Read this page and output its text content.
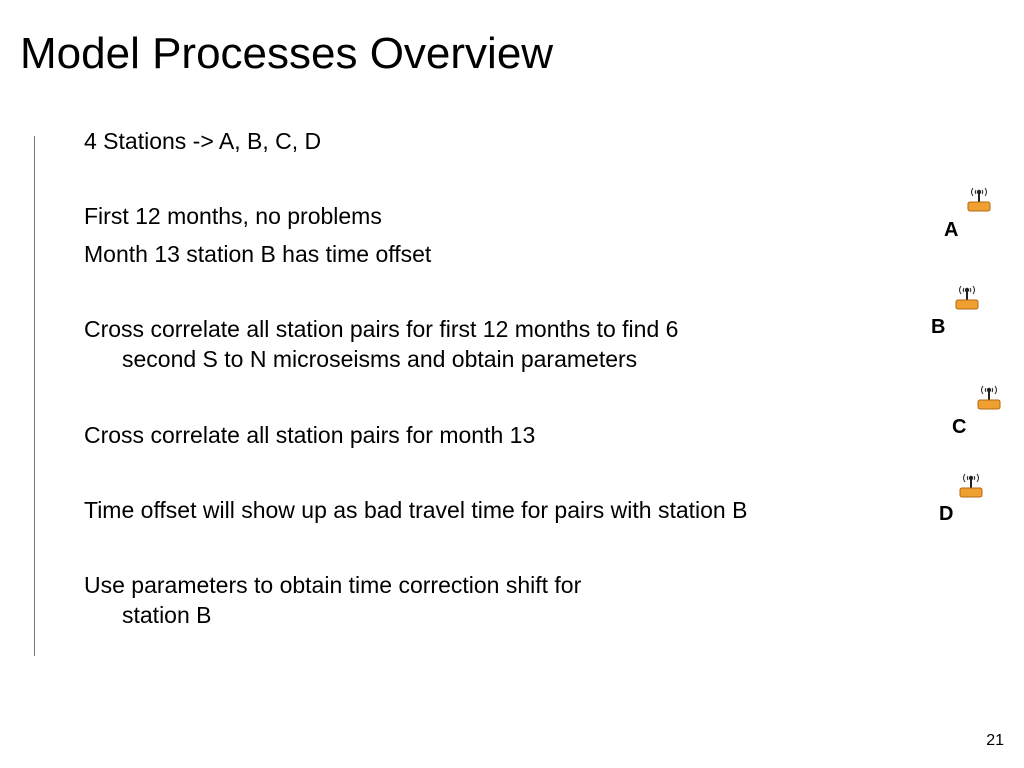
Model Processes Overview
4 Stations -> A, B, C, D
First 12 months, no problems
Month 13 station B has time offset
Cross correlate all station pairs for first 12 months to find 6
second S to N microseisms and obtain parameters
Cross correlate all station pairs for month 13
Time offset will show up as bad travel time for pairs with station B
Use parameters to obtain time correction shift for
station B
A
B
C
D
21
